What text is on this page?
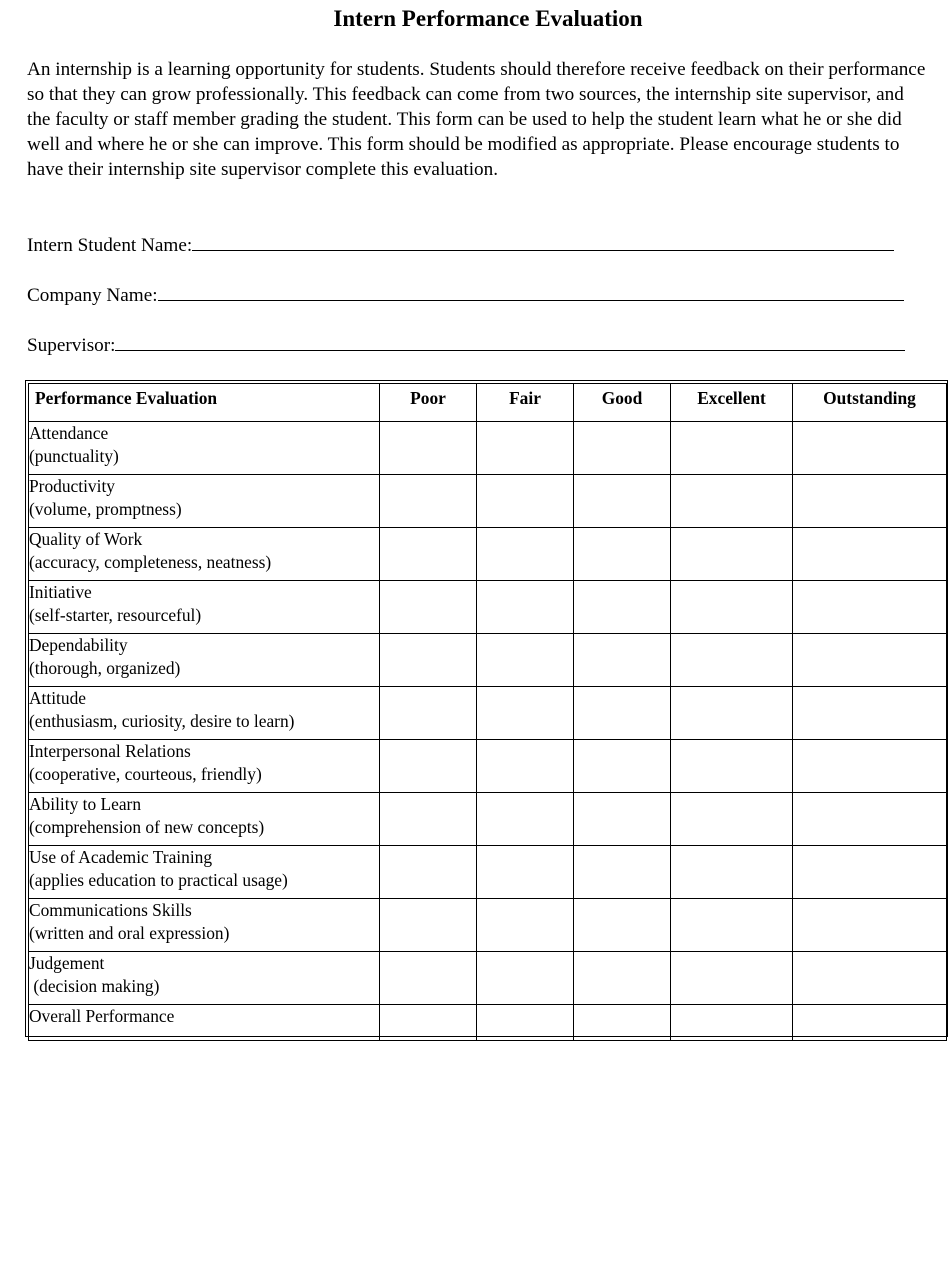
Intern Performance Evaluation

An internship is a learning opportunity for students. Students should therefore receive feedback on their performance so that they can grow professionally. This feedback can come from two sources, the internship site supervisor, and the faculty or staff member grading the student. This form can be used to help the student learn what he or she did well and where he or she can improve. This form should be modified as appropriate. Please encourage students to have their internship site supervisor complete this evaluation.

Intern Student Name:

Company Name:

Supervisor:

Performance Evaluation	Poor	Fair	Good	Excellent	Outstanding

Attendance
(punctuality)					

Productivity
(volume, promptness)					

Quality of Work
(accuracy, completeness, neatness)					

Initiative
(self-starter, resourceful)					

Dependability
(thorough, organized)					

Attitude
(enthusiasm, curiosity, desire to learn)					

Interpersonal Relations
(cooperative, courteous, friendly)					

Ability to Learn
(comprehension of new concepts)					

Use of Academic Training
(applies education to practical usage)					

Communications Skills
(written and oral expression)					

Judgement
(decision making)					

Overall Performance					
